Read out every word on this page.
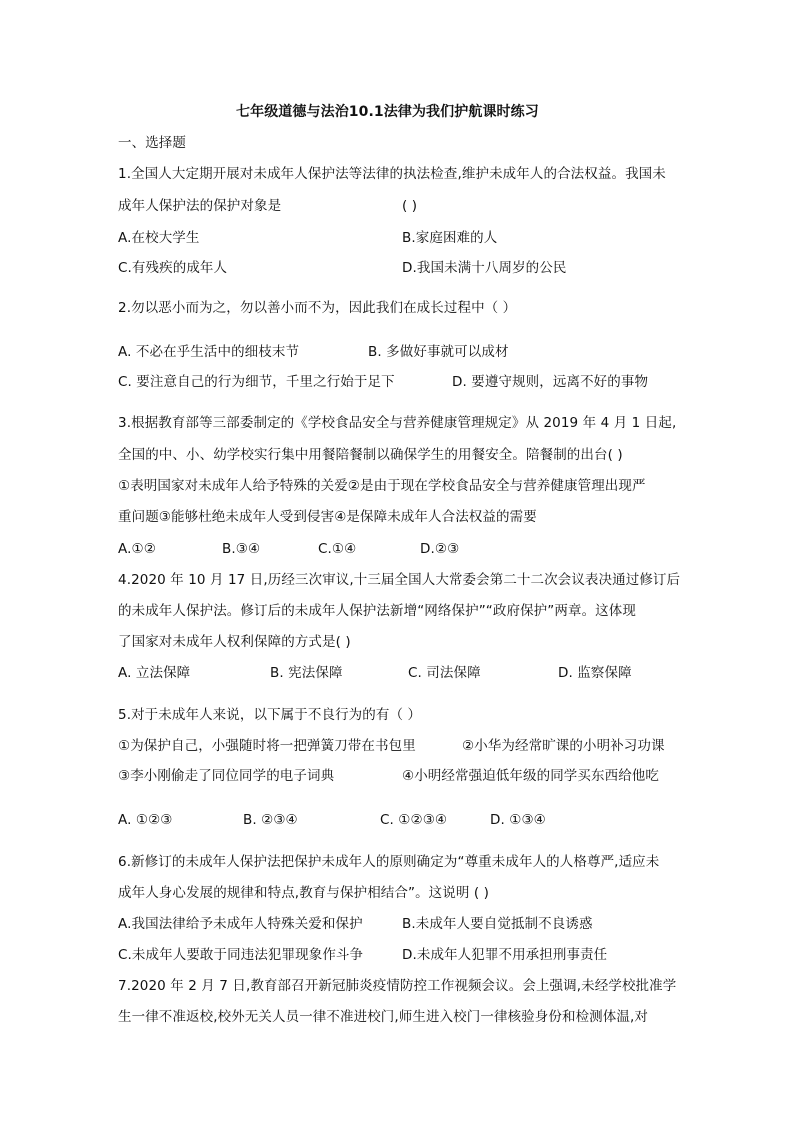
七年级道德与法治10.1法律为我们护航课时练习
一、选择题
1.全国人大定期开展对未成年人保护法等法律的执法检查,维护未成年人的合法权益。我国未
成年人保护法的保护对象是	( )
A.在校大学生	B.家庭困难的人
C.有残疾的成年人	D.我国未满十八周岁的公民
2.勿以恶小而为之，勿以善小而不为，因此我们在成长过程中（ ）
A. 不必在乎生活中的细枝末节	B. 多做好事就可以成材
C. 要注意自己的行为细节，千里之行始于足下	D. 要遵守规则，远离不好的事物
3.根据教育部等三部委制定的《学校食品安全与营养健康管理规定》从 2019 年 4 月 1 日起,
全国的中、小、幼学校实行集中用餐陪餐制以确保学生的用餐安全。陪餐制的出台( )
①表明国家对未成年人给予特殊的关爱②是由于现在学校食品安全与营养健康管理出现严
重问题③能够杜绝未成年人受到侵害④是保障未成年人合法权益的需要
A.①②	B.③④	C.①④	D.②③
4.2020 年 10 月 17 日,历经三次审议,十三届全国人大常委会第二十二次会议表决通过修订后
的未成年人保护法。修订后的未成年人保护法新增“网络保护”“政府保护”两章。这体现
了国家对未成年人权利保障的方式是( )
A. 立法保障	B. 宪法保障	C. 司法保障	D. 监察保障
5.对于未成年人来说，以下属于不良行为的有（ ）
①为保护自己，小强随时将一把弹簧刀带在书包里	②小华为经常旷课的小明补习功课
③李小刚偷走了同位同学的电子词典	④小明经常强迫低年级的同学买东西给他吃
A. ①②③	B. ②③④	C. ①②③④	D. ①③④
6.新修订的未成年人保护法把保护未成年人的原则确定为“尊重未成年人的人格尊严,适应未
成年人身心发展的规律和特点,教育与保护相结合”。这说明 ( )
A.我国法律给予未成年人特殊关爱和保护	B.未成年人要自觉抵制不良诱惑
C.未成年人要敢于同违法犯罪现象作斗争	D.未成年人犯罪不用承担刑事责任
7.2020 年 2 月 7 日,教育部召开新冠肺炎疫情防控工作视频会议。会上强调,未经学校批准学
生一律不准返校,校外无关人员一律不准进校门,师生进入校门一律核验身份和检测体温,对
